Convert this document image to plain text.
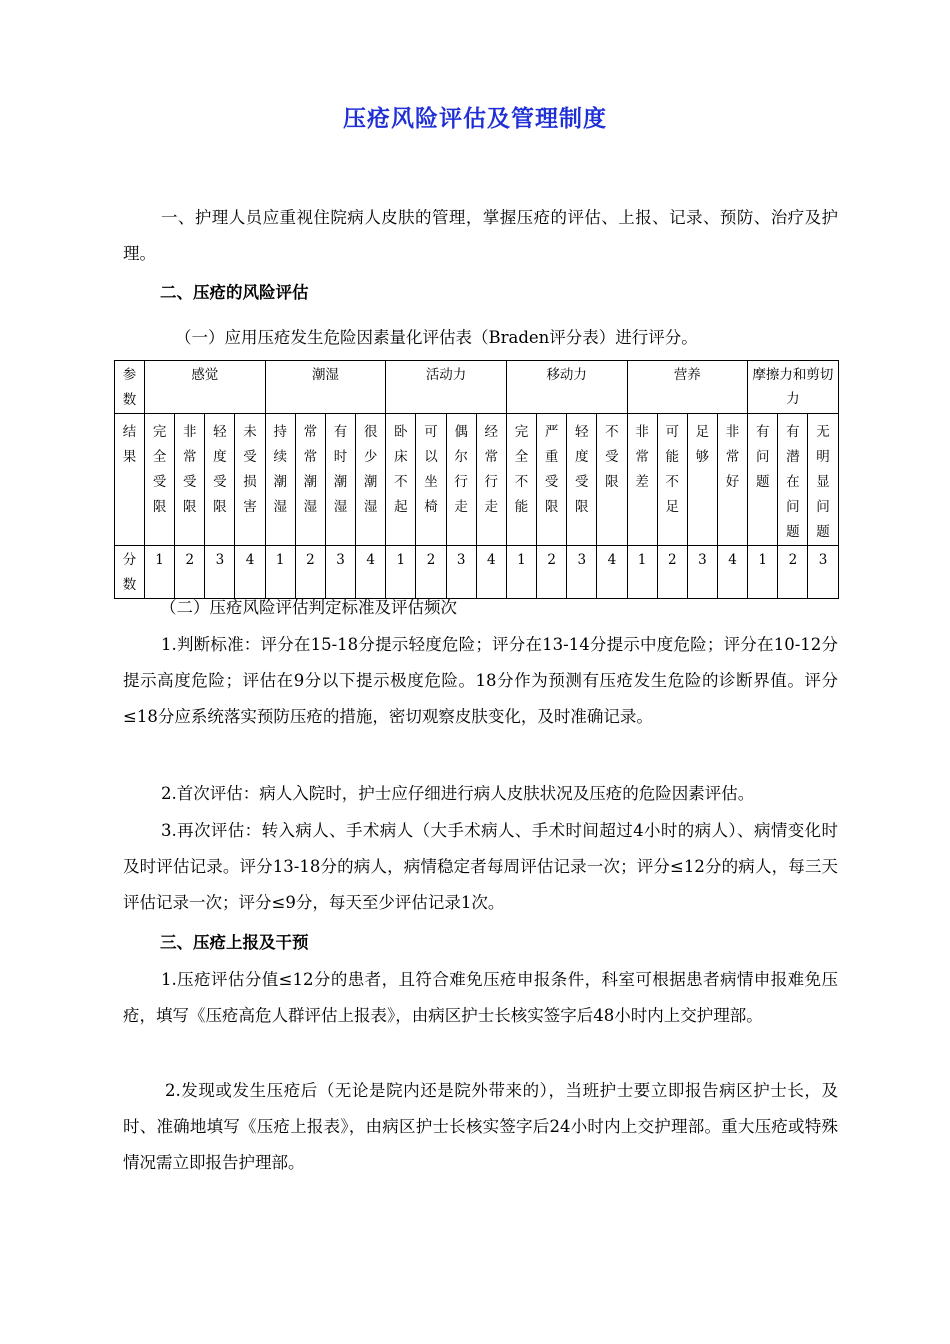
压疮风险评估及管理制度

一、护理人员应重视住院病人皮肤的管理，掌握压疮的评估、上报、记录、预防、治疗及护理。

二、压疮的风险评估
（一）应用压疮发生危险因素量化评估表（Braden评分表）进行评分。
参
数	感觉				潮湿				活动力				移动力				营养				摩擦力和剪切力		

结
果	完
全
受
限	非
常
受
限	轻
度
受
限	未
受
损
害	持
续
潮
湿	常
常
潮
湿	有
时
潮
湿	很
少
潮
湿	卧
床
不
起	可
以
坐
椅	偶
尔
行
走	经
常
行
走	完
全
不
能	严
重
受
限	轻
度
受
限	不
受
限	非
常
差	可
能
不
足	足
够	非
常
好	有
问
题	有
潜
在
问
题	无
明
显
问
题

分
数	1	2	3	4	1	2	3	4	1	2	3	4	1	2	3	4	1	2	3	4	1	2	3
（二）压疮风险评估判定标准及评估频次

1.判断标准：评分在15-18分提示轻度危险；评分在13-14分提示中度危险；评分在10-12分提示高度危险；评估在9分以下提示极度危险。18分作为预测有压疮发生危险的诊断界值。评分≤18分应系统落实预防压疮的措施，密切观察皮肤变化，及时准确记录。

2.首次评估：病人入院时，护士应仔细进行病人皮肤状况及压疮的危险因素评估。

3.再次评估：转入病人、手术病人（大手术病人、手术时间超过4小时的病人）、病情变化时及时评估记录。评分13-18分的病人，病情稳定者每周评估记录一次；评分≤12分的病人，每三天评估记录一次；评分≤9分，每天至少评估记录1次。

三、压疮上报及干预

1.压疮评估分值≤12分的患者，且符合难免压疮申报条件，科室可根据患者病情申报难免压疮，填写《压疮高危人群评估上报表》，由病区护士长核实签字后48小时内上交护理部。

2.发现或发生压疮后（无论是院内还是院外带来的），当班护士要立即报告病区护士长，及时、准确地填写《压疮上报表》，由病区护士长核实签字后24小时内上交护理部。重大压疮或特殊情况需立即报告护理部。
